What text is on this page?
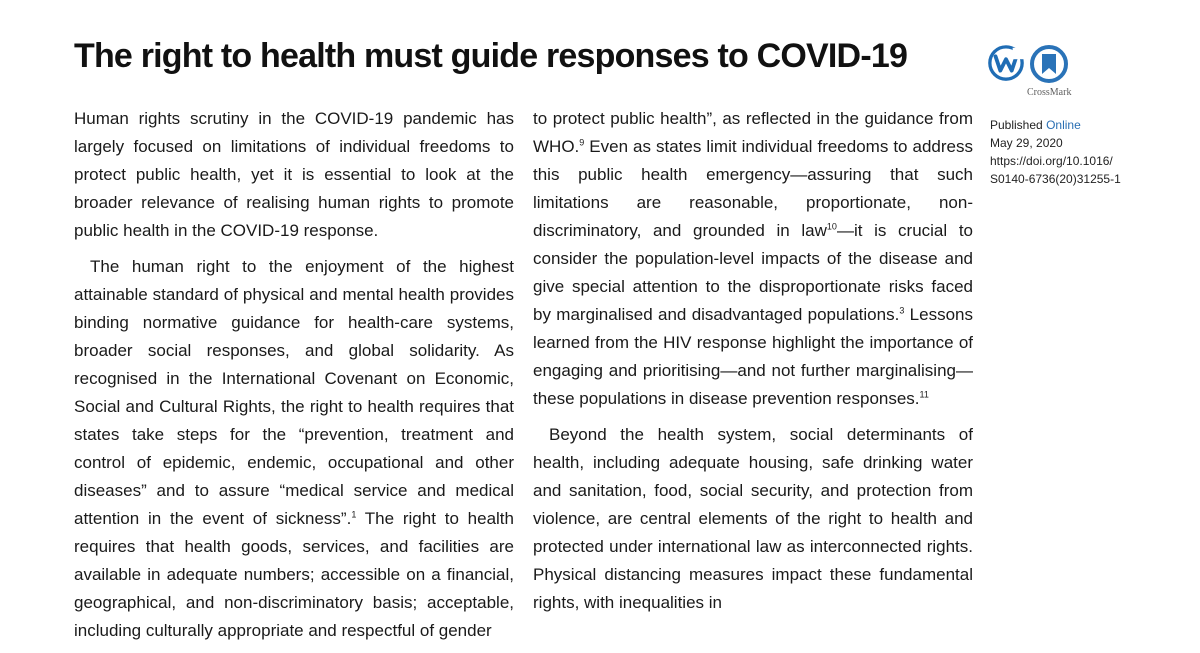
The right to health must guide responses to COVID-19
CrossMark
Published Online
May 29, 2020
https://doi.org/10.1016/
S0140-6736(20)31255-1

Human rights scrutiny in the COVID-19 pandemic has largely focused on limitations of individual freedoms to protect public health, yet it is essential to look at the broader relevance of realising human rights to promote public health in the COVID-19 response.

The human right to the enjoyment of the highest attainable standard of physical and mental health provides binding normative guidance for health-care systems, broader social responses, and global solidarity. As recognised in the International Covenant on Economic, Social and Cultural Rights, the right to health requires that states take steps for the “prevention, treatment and control of epidemic, endemic, occupational and other diseases” and to assure “medical service and medical attention in the event of sickness”.$^1$ The right to health requires that health goods, services, and facilities are available in adequate numbers; accessible on a financial, geographical, and non-discriminatory basis; acceptable, including culturally appropriate and respectful of gender

to protect public health”, as reflected in the guidance from WHO.$^9$ Even as states limit individual freedoms to address this public health emergency—assuring that such limitations are reasonable, proportionate, non-discriminatory, and grounded in law$^{10}$—it is crucial to consider the population-level impacts of the disease and give special attention to the disproportionate risks faced by marginalised and disadvantaged populations.$^3$ Lessons learned from the HIV response highlight the importance of engaging and prioritising—and not further marginalising—these populations in disease prevention responses.$^{11}$

Beyond the health system, social determinants of health, including adequate housing, safe drinking water and sanitation, food, social security, and protection from violence, are central elements of the right to health and protected under international law as interconnected rights. Physical distancing measures impact these fundamental rights, with inequalities in
